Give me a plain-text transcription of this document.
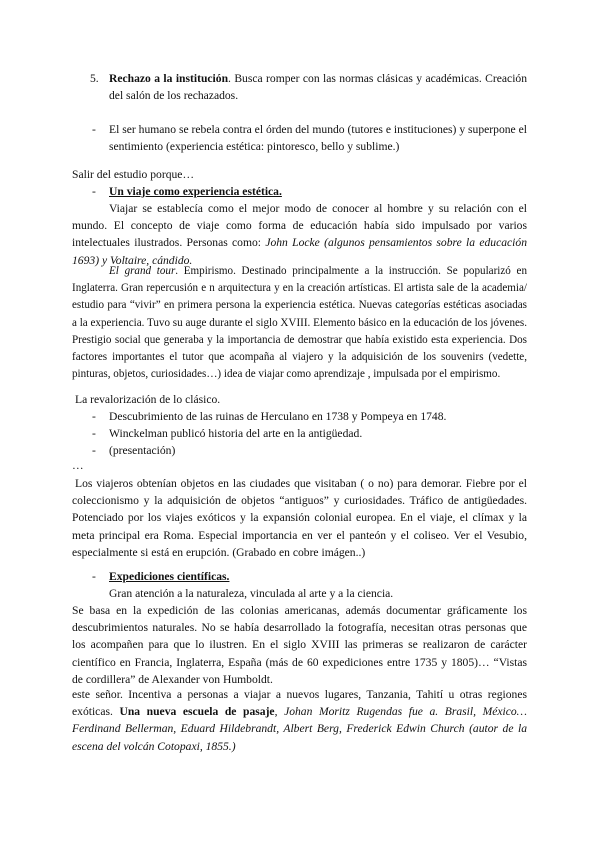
5. Rechazo a la institución. Busca romper con las normas clásicas y académicas. Creación del salón de los rechazados.
- El ser humano se rebela contra el órden del mundo (tutores e instituciones) y superpone el sentimiento (experiencia estética: pintoresco, bello y sublime.)
Salir del estudio porque…
- Un viaje como experiencia estética.
Viajar se establecía como el mejor modo de conocer al hombre y su relación con el mundo. El concepto de viaje como forma de educación había sido impulsado por varios intelectuales ilustrados. Personas como: John Locke (algunos pensamientos sobre la educación 1693) y Voltaire, cándido.
El grand tour. Empirismo. Destinado principalmente a la instrucción. Se popularizó en Inglaterra. Gran repercusión e n arquitectura y en la creación artísticas. El artista sale de la academia/ estudio para “vivir” en primera persona la experiencia estética. Nuevas categorías estéticas asociadas a la experiencia. Tuvo su auge durante el siglo XVIII. Elemento básico en la educación de los jóvenes. Prestigio social que generaba y la importancia de demostrar que había existido esta experiencia. Dos factores importantes el tutor que acompaña al viajero y la adquisición de los souvenirs (vedette, pinturas, objetos, curiosidades…) idea de viajar como aprendizaje , impulsada por el empirismo.
La revalorización de lo clásico.
- Descubrimiento de las ruinas de Herculano en 1738 y Pompeya en 1748.
- Winckelman publicó historia del arte en la antigüedad.
- (presentación)
…
Los viajeros obtenían objetos en las ciudades que visitaban ( o no) para demorar. Fiebre por el coleccionismo y la adquisición de objetos “antiguos” y curiosidades. Tráfico de antigüedades. Potenciado por los viajes exóticos y la expansión colonial europea. En el viaje, el clímax y la meta principal era Roma. Especial importancia en ver el panteón y el coliseo. Ver el Vesubio, especialmente si está en erupción. (Grabado en cobre imágen..)
- Expediciones científicas.
Gran atención a la naturaleza, vinculada al arte y a la ciencia.
Se basa en la expedición de las colonias americanas, además documentar gráficamente los descubrimientos naturales. No se había desarrollado la fotografía, necesitan otras personas que los acompañen para que lo ilustren. En el siglo XVIII las primeras se realizaron de carácter científico en Francia, Inglaterra, España (más de 60 expediciones entre 1735 y 1805)… “Vistas de cordillera” de Alexander von Humboldt.
este señor. Incentiva a personas a viajar a nuevos lugares, Tanzania, Tahití u otras regiones exóticas. Una nueva escuela de pasaje, Johan Moritz Rugendas fue a. Brasil, México… Ferdinand Bellerman, Eduard Hildebrandt, Albert Berg, Frederick Edwin Church (autor de la escena del volcán Cotopaxi, 1855.)
